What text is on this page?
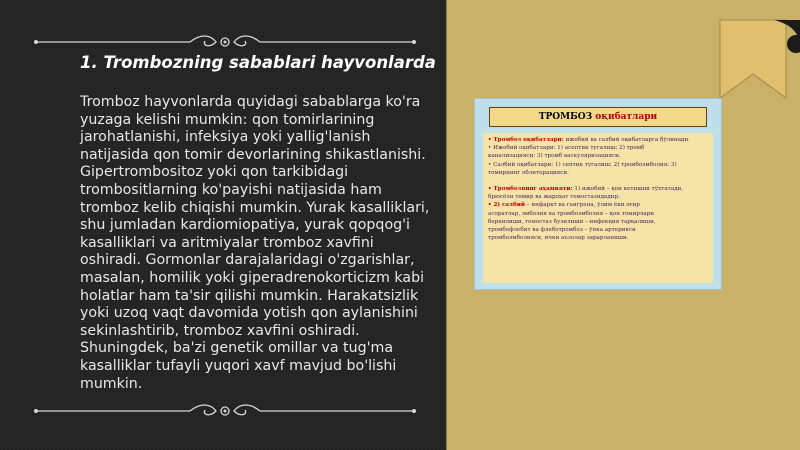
1. Trombozning sabablari hayvonlarda
Tromboz hayvonlarda quyidagi sabablarga ko'ra yuzaga kelishi mumkin: qon tomirlarining jarohatlanishi, infeksiya yoki yallig'lanish natijasida qon tomir devorlarining shikastlanishi. Gipertrombositoz yoki qon tarkibidagi trombositlarning ko'payishi natijasida ham tromboz kelib chiqishi mumkin. Yurak kasalliklari, shu jumladan kardiomiopatiya, yurak qopqog'i kasalliklari va aritmiyalar tromboz xavfini oshiradi. Gormonlar darajalaridagi o'zgarishlar, masalan, homilik yoki giperadrenokorticizm kabi holatlar ham ta'sir qilishi mumkin. Harakatsizlik yoki uzoq vaqt davomida yotish qon aylanishini sekinlashtirib, tromboz xavfini oshiradi. Shuningdek, ba'zi genetik omillar va tug'ma kasalliklar tufayli yuqori xavf mavjud bo'lishi mumkin.
ТРОМБОЗ оқибатлари
• Тромбоз оқибатлари: ижобий ва салбий оқибатларга бўлинади.
• Ижобий оқибатлари: 1) асептик тугалиш; 2) тромб
канализацияси; 3) тромб васкуляризацияси.
• Салбий оқибатлари: 1) септик тугалиш; 2) тромбоэмболия; 3)
томирнинг облитерацияси.
• Тромбознинг аҳамияти: 1) ижобий – қон кетишни тўхтатади,
брюсёли томир ва жароҳат гемостазидадир.
• 2) салбий – инфаркт ва гангрена, ўлим ёки оғир
асоратлар, эмболия ва тромбоэмболия – қон томирлари
беркилиши, гемостаз бузилиши – инфекция тарқалиши,
тромбофлебит ва флеботромбоз – ўпка артерияси
тромбоэмболияси, ички аъзолар зарарланиши.
